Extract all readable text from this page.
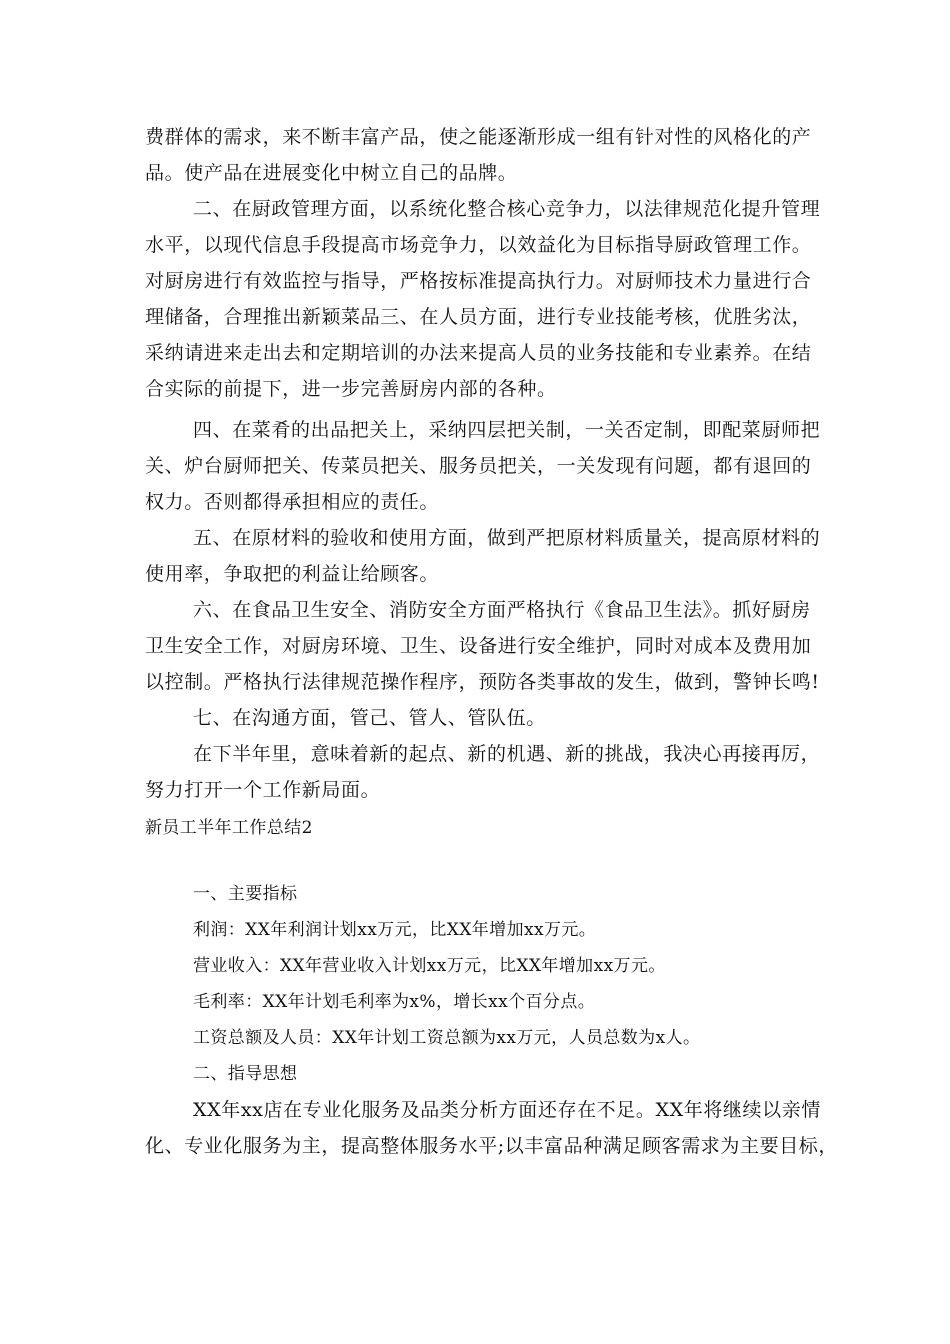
费群体的需求，来不断丰富产品，使之能逐渐形成一组有针对性的风格化的产
品。使产品在进展变化中树立自己的品牌。
二、在厨政管理方面，以系统化整合核心竞争力，以法律规范化提升管理
水平，以现代信息手段提高市场竞争力，以效益化为目标指导厨政管理工作。
对厨房进行有效监控与指导，严格按标准提高执行力。对厨师技术力量进行合
理储备，合理推出新颖菜品三、在人员方面，进行专业技能考核，优胜劣汰，
采纳请进来走出去和定期培训的办法来提高人员的业务技能和专业素养。在结
合实际的前提下，进一步完善厨房内部的各种。
四、在菜肴的出品把关上，采纳四层把关制，一关否定制，即配菜厨师把
关、炉台厨师把关、传菜员把关、服务员把关，一关发现有问题，都有退回的
权力。否则都得承担相应的责任。
五、在原材料的验收和使用方面，做到严把原材料质量关，提高原材料的
使用率，争取把的利益让给顾客。
六、在食品卫生安全、消防安全方面严格执行《食品卫生法》。抓好厨房
卫生安全工作，对厨房环境、卫生、设备进行安全维护，同时对成本及费用加
以控制。严格执行法律规范操作程序，预防各类事故的发生，做到，警钟长鸣!
七、在沟通方面，管己、管人、管队伍。
在下半年里，意味着新的起点、新的机遇、新的挑战，我决心再接再厉，
努力打开一个工作新局面。
新员工半年工作总结2
一、主要指标
利润：XX年利润计划xx万元，比XX年增加xx万元。
营业收入：XX年营业收入计划xx万元，比XX年增加xx万元。
毛利率：XX年计划毛利率为x%，增长xx个百分点。
工资总额及人员：XX年计划工资总额为xx万元，人员总数为x人。
二、指导思想
XX年xx店在专业化服务及品类分析方面还存在不足。XX年将继续以亲情
化、专业化服务为主，提高整体服务水平;以丰富品种满足顾客需求为主要目标，
